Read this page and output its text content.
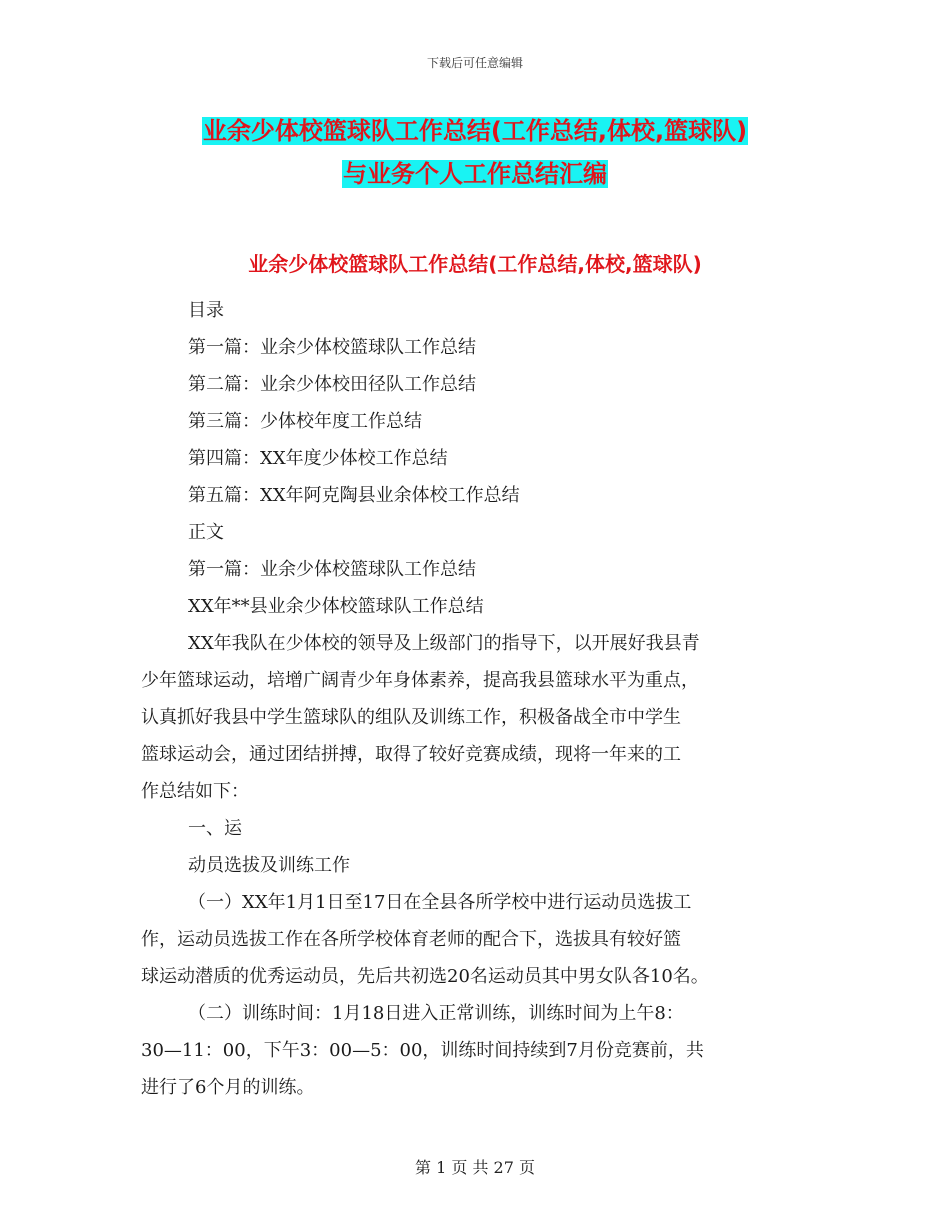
下载后可任意编辑
业余少体校篮球队工作总结(工作总结,体校,篮球队)
与业务个人工作总结汇编
业余少体校篮球队工作总结(工作总结,体校,篮球队)
目录
第一篇：业余少体校篮球队工作总结
第二篇：业余少体校田径队工作总结
第三篇：少体校年度工作总结
第四篇：XX年度少体校工作总结
第五篇：XX年阿克陶县业余体校工作总结
正文
第一篇：业余少体校篮球队工作总结
XX年**县业余少体校篮球队工作总结
XX年我队在少体校的领导及上级部门的指导下，以开展好我县青
少年篮球运动，培增广阔青少年身体素养，提高我县篮球水平为重点，
认真抓好我县中学生篮球队的组队及训练工作，积极备战全市中学生
篮球运动会，通过团结拼搏，取得了较好竞赛成绩，现将一年来的工
作总结如下：
一、运
动员选拔及训练工作
（一）XX年1月1日至17日在全县各所学校中进行运动员选拔工
作，运动员选拔工作在各所学校体育老师的配合下，选拔具有较好篮
球运动潜质的优秀运动员，先后共初选20名运动员其中男女队各10名。
（二）训练时间：1月18日进入正常训练，训练时间为上午8：
30—11：00，下午3：00—5：00，训练时间持续到7月份竞赛前，共
进行了6个月的训练。
第 1 页 共 27 页
